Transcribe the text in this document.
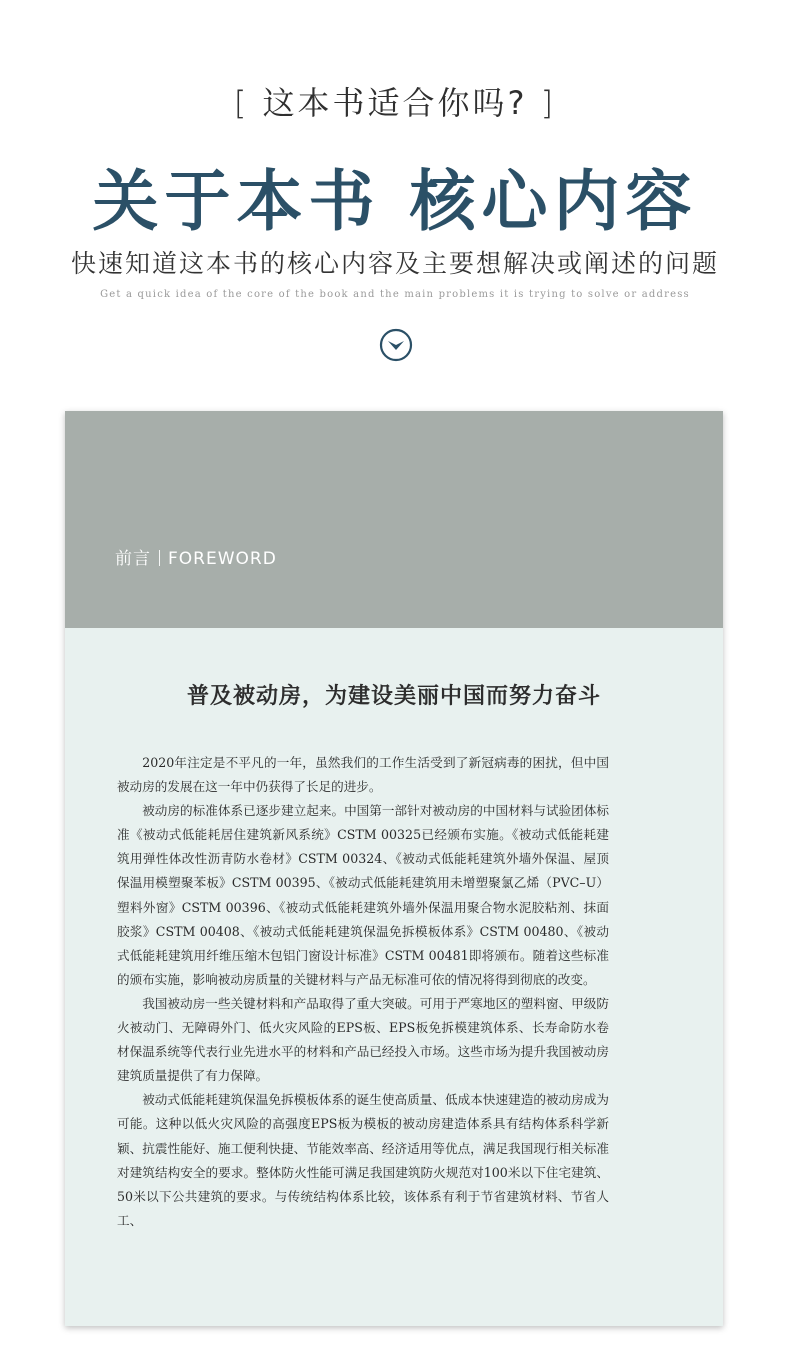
[ 这本书适合你吗? ]
关于本书 核心内容
快速知道这本书的核心内容及主要想解决或阐述的问题
Get a quick idea of the core of the book and the main problems it is trying to solve or address
前言 FOREWORD
普及被动房，为建设美丽中国而努力奋斗

2020年注定是不平凡的一年，虽然我们的工作生活受到了新冠病毒的困扰，但中国被动房的发展在这一年中仍获得了长足的进步。

被动房的标准体系已逐步建立起来。中国第一部针对被动房的中国材料与试验团体标准《被动式低能耗居住建筑新风系统》CSTM 00325已经颁布实施。《被动式低能耗建筑用弹性体改性沥青防水卷材》CSTM 00324、《被动式低能耗建筑外墙外保温、屋顶保温用模塑聚苯板》CSTM 00395、《被动式低能耗建筑用未增塑聚氯乙烯（PVC–U）塑料外窗》CSTM 00396、《被动式低能耗建筑外墙外保温用聚合物水泥胶粘剂、抹面胶浆》CSTM 00408、《被动式低能耗建筑保温免拆模板体系》CSTM 00480、《被动式低能耗建筑用纤维压缩木包铝门窗设计标准》CSTM 00481即将颁布。随着这些标准的颁布实施，影响被动房质量的关键材料与产品无标准可依的情况将得到彻底的改变。

我国被动房一些关键材料和产品取得了重大突破。可用于严寒地区的塑料窗、甲级防火被动门、无障碍外门、低火灾风险的EPS板、EPS板免拆模建筑体系、长寿命防水卷材保温系统等代表行业先进水平的材料和产品已经投入市场。这些市场为提升我国被动房建筑质量提供了有力保障。

被动式低能耗建筑保温免拆模板体系的诞生使高质量、低成本快速建造的被动房成为可能。这种以低火灾风险的高强度EPS板为模板的被动房建造体系具有结构体系科学新颖、抗震性能好、施工便利快捷、节能效率高、经济适用等优点，满足我国现行相关标准对建筑结构安全的要求。整体防火性能可满足我国建筑防火规范对100米以下住宅建筑、50米以下公共建筑的要求。与传统结构体系比较，该体系有利于节省建筑材料、节省人工、
